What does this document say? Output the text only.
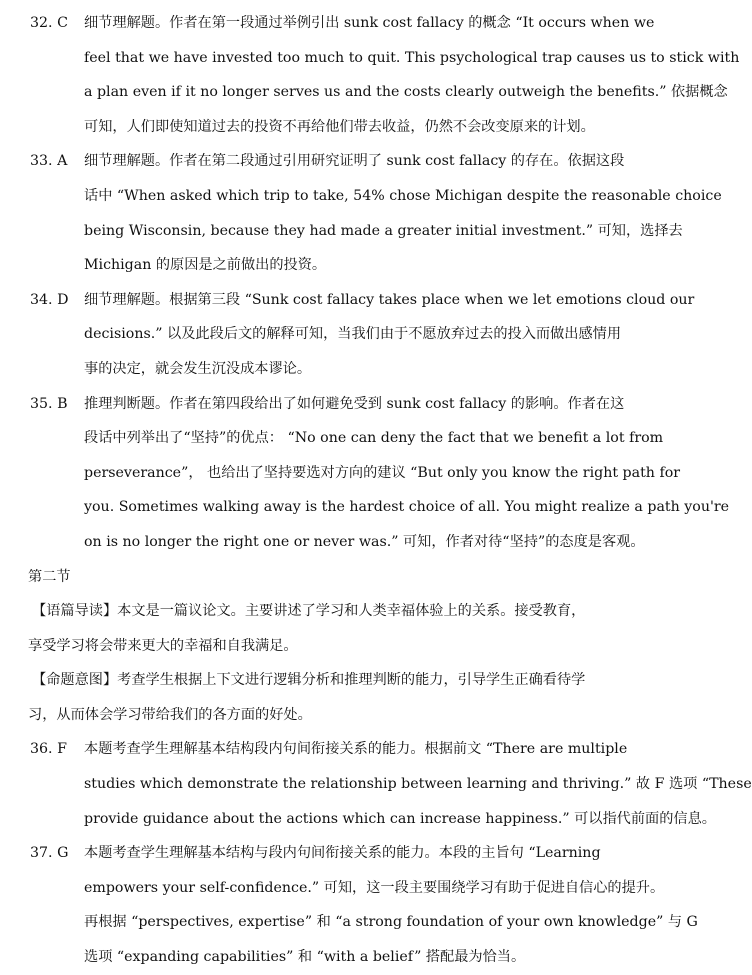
32. C 细节理解题。作者在第一段通过举例引出 sunk cost fallacy 的概念 “It occurs when we
feel that we have invested too much to quit. This psychological trap causes us to stick with
a plan even if it no longer serves us and the costs clearly outweigh the benefits.” 依据概念
可知，人们即使知道过去的投资不再给他们带去收益，仍然不会改变原来的计划。
33. A 细节理解题。作者在第二段通过引用研究证明了 sunk cost fallacy 的存在。依据这段
话中 “When asked which trip to take, 54% chose Michigan despite the reasonable choice
being Wisconsin, because they had made a greater initial investment.” 可知，选择去
Michigan 的原因是之前做出的投资。
34. D 细节理解题。根据第三段 “Sunk cost fallacy takes place when we let emotions cloud our
decisions.” 以及此段后文的解释可知，当我们由于不愿放弃过去的投入而做出感情用
事的决定，就会发生沉没成本谬论。
35. B 推理判断题。作者在第四段给出了如何避免受到 sunk cost fallacy 的影响。作者在这
段话中列举出了“坚持”的优点： “No one can deny the fact that we benefit a lot from
perseverance”， 也给出了坚持要选对方向的建议 “But only you know the right path for
you. Sometimes walking away is the hardest choice of all. You might realize a path you're
on is no longer the right one or never was.” 可知，作者对待“坚持”的态度是客观。
第二节
【语篇导读】本文是一篇议论文。主要讲述了学习和人类幸福体验上的关系。接受教育，
享受学习将会带来更大的幸福和自我满足。
【命题意图】考查学生根据上下文进行逻辑分析和推理判断的能力，引导学生正确看待学
习，从而体会学习带给我们的各方面的好处。
36. F 本题考查学生理解基本结构段内句间衔接关系的能力。根据前文 “There are multiple
studies which demonstrate the relationship between learning and thriving.” 故 F 选项 “These
provide guidance about the actions which can increase happiness.” 可以指代前面的信息。
37. G 本题考查学生理解基本结构与段内句间衔接关系的能力。本段的主旨句 “Learning
empowers your self-confidence.” 可知，这一段主要围绕学习有助于促进自信心的提升。
再根据 “perspectives, expertise” 和 “a strong foundation of your own knowledge” 与 G
选项 “expanding capabilities” 和 “with a belief” 搭配最为恰当。
